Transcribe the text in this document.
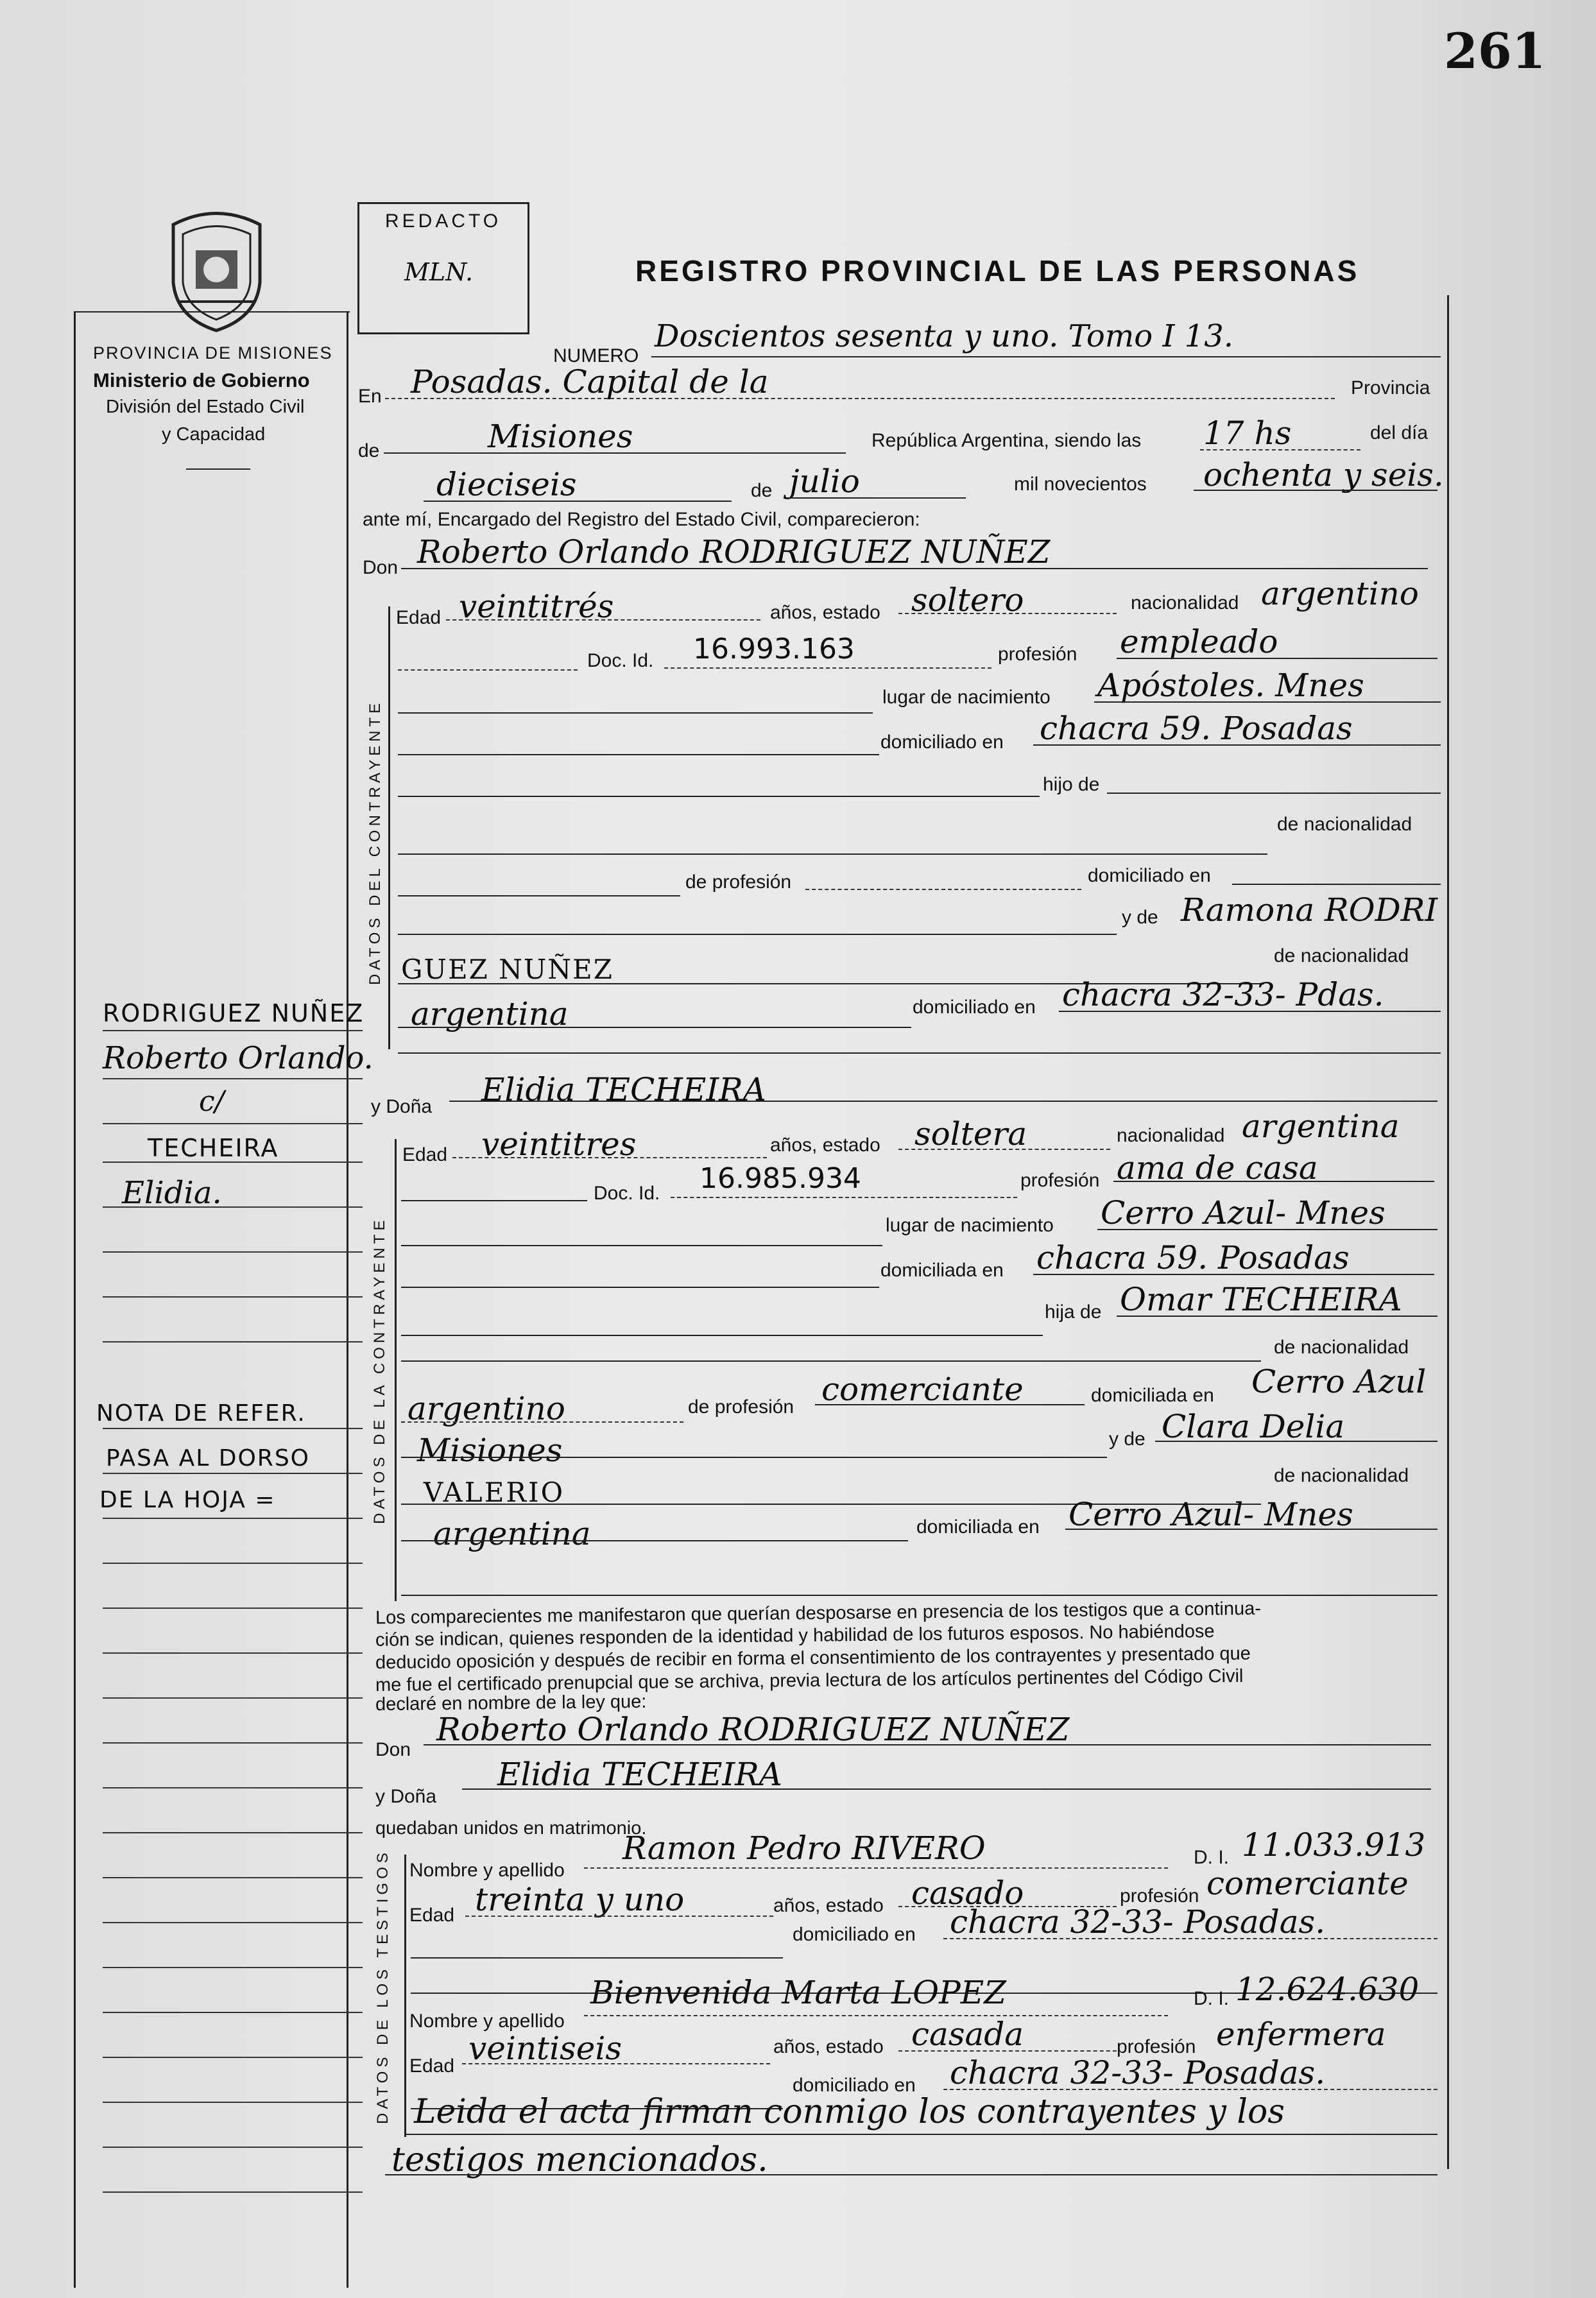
261
PROVINCIA DE MISIONES
Ministerio de Gobierno
División del Estado Civil
y Capacidad
REDACTO
MLN.	REGISTRO PROVINCIAL DE LAS PERSONAS
NUMERO
Doscientos sesenta y uno. Tomo I 13.
En Posadas. Capital de la	Provincia
de	Misiones	República Argentina, siendo las 17 hs	del día
dieciseis	de julio	mil novecientos ochenta y seis.
ante mí, Encargado del Registro del Estado Civil, comparecieron:
Don Roberto Orlando RODRIGUEZ NUÑEZ
DATOS DEL CONTRAYENTE
Edad veintitrés	años, estado soltero	nacionalidad argentino
Doc. Id. 16.993.163	profesión empleado
lugar de nacimiento Apóstoles. Mnes
domiciliado en chacra 59. Posadas
hijo de
de nacionalidad
de profesión	domiciliado en
y de Ramona RODRI
GUEZ NUÑEZ	de nacionalidad
argentina	domiciliado en chacra 32-33- Pdas.
y Doña Elidia TECHEIRA
DATOS DE LA CONTRAYENTE
Edad veintitres	años, estado soltera	nacionalidad argentina
Doc. Id. 16.985.934	profesión ama de casa
lugar de nacimiento Cerro Azul- Mnes
domiciliada en chacra 59. Posadas
hija de Omar TECHEIRA
de nacionalidad
argentino	de profesión comerciante	domiciliada en Cerro Azul
Misiones	y de Clara Delia
VALERIO
de nacionalidad
argentina	domiciliada en Cerro Azul- Mnes
Los comparecientes me manifestaron que querían desposarse en presencia de los testigos que a continua-
ción se indican, quienes responden de la identidad y habilidad de los futuros esposos. No habiéndose
deducido oposición y después de recibir en forma el consentimiento de los contrayentes y presentado que
me fue el certificado prenupcial que se archiva, previa lectura de los artículos pertinentes del Código Civil
declaré en nombre de la ley que:
Don
Roberto Orlando RODRIGUEZ NUÑEZ
y Doña
Elidia TECHEIRA
quedaban unidos en matrimonio.
DATOS DE LOS TESTIGOS Nombre y apellido
Ramon Pedro RIVERO	D. I. 11.033.913
Edad treinta y uno	años, estado casado	profesión comerciante
domiciliado en chacra 32-33- Posadas.
Nombre y apellido
Bienvenida Marta LOPEZ	D. I. 12.624.630
Edad veintiseis	años, estado casada	profesión enfermera
domiciliado en chacra 32-33- Posadas.
Leida el acta firman conmigo los contrayentes y los
testigos mencionados.
RODRIGUEZ NUÑEZ
Roberto Orlando.
c/
TECHEIRA
Elidia.
NOTA DE REFER.
PASA AL DORSO
DE LA HOJA =
